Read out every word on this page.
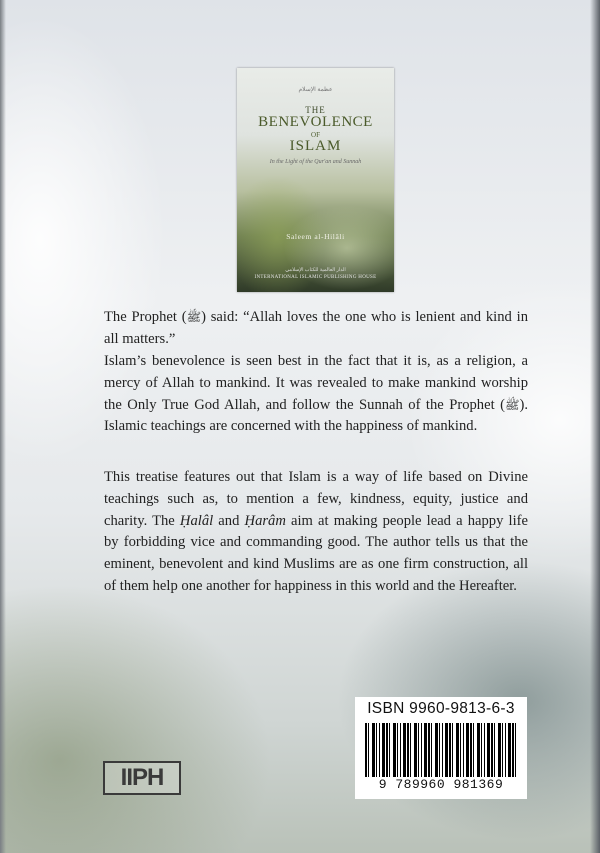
عظمة الإسلام
THE
BENEVOLENCE
OF
ISLAM
In the Light of the Qur'an and Sunnah
Saleem al-Hilâli
الدار العالمية للكتاب الإسلامي
INTERNATIONAL ISLAMIC PUBLISHING HOUSE

The Prophet (ﷺ) said: “Allah loves the one who is lenient and kind in all matters.”

Islam’s benevolence is seen best in the fact that it is, as a religion, a mercy of Allah to mankind. It was revealed to make mankind worship the Only True God Allah, and follow the Sunnah of the Prophet (ﷺ). Islamic teachings are concerned with the happiness of mankind.

This treatise features out that Islam is a way of life based on Divine teachings such as, to mention a few, kindness, equity, justice and charity. The Ḥalâl and Ḥarâm aim at making people lead a happy life by forbidding vice and commanding good. The author tells us that the eminent, benevolent and kind Muslims are as one firm construction, all of them help one another for happiness in this world and the Hereafter.

ISBN 9960-9813-6-3
9 789960 981369
IIPH
